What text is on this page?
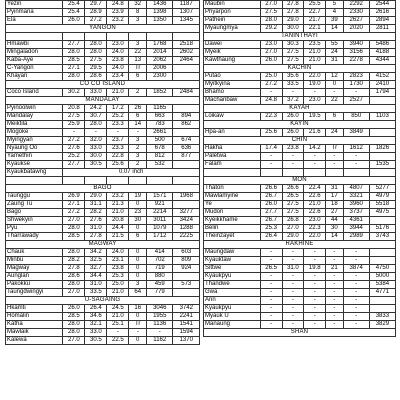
Yezin	25.4	29.7	24.8	32	1436	1187
Pyinmana	25.4	28.9	23.9	8	1398	1307
Ela	26.0	27.2	23.2	3	1350	1345
YANGON						

Hmawbi	27.7	28.0	23.0	3	1768	2518
Mingaladon	28.0	28.0	24.0	22	2014	2602
Kaba-Aye	28.5	27.5	23.8	13	2062	2464
C-Yangon	27.1	29.5	24.0	Tr	2006	
Khayan	28.0	28.6	23.4	6	2300	
CO CO ISLAND						
Coco Island	30.2	33.0	21.0	2	1852	2484
MANDALAY						
Pyinoolwin	20.8	24.2	17.2	26	1165	
Mandalay	27.5	30.7	25.2	6	663	894
Meiktila	25.9	28.0	23.3	14	783	862
Mogoke	-	-	-	-	2661	
Myingyan	27.2	32.0	23.7	3	500	674
Nyaung Oo	27.6	33.0	23.3	2	678	636
Yamethin	25.2	30.0	22.8	3	812	877
Kyaukse	27.7	30.5	25.6	2	532	
Kyaukbatawng	0.07 inch					

BAGO						
Taunggu	26.9	29.0	23.2	19	1571	1968
Zaung Tu	27.1	31.1	21.3	0	921	
Bago	27.2	28.2	21.0	23	2214	3277
Shwekyin	27.0	27.6	20.8	30	3011	3424
Pyu	28.0	31.0	24.4	0	1079	1288
Tharrawady	28.5	27.8	21.5	6	1712	2225
MAGWAY						
Chauk	28.0	34.2	24.0	0	414	603
Minbu	28.2	32.5	23.1	0	702	809
Magway	27.8	32.7	23.8	0	719	924
Aunglan	28.6	34.4	25.3	0	880	
Pakokku	28.0	31.0	25.0	3	459	573
Taungdwingyi	27.0	33.5	21.0	64	779	
U-SAGAING						
Hkamti	26.0	26.4	24.5	16	3046	3742
Homalin	28.5	34.6	21.0	0	1955	2241
Katha	28.0	32.1	25.1	Tr	1136	1541
Mawlaik	28.0	33.0	-	-	-	1594
Kalewa	27.0	30.5	22.5	0	1162	1370
Maubin	27.0	27.8	25.5	5	2292	2544
Phyarpon	27.5	27.8	22.7	4	2330	2616
Pathein	28.0	29.0	21.7	39	2627	2894
Myaungmya	29.2	30.0	22.1	14	2020	2811
TANINTHAYI						
Dawei	23.0	30.3	23.5	55	3940	5486
Myeik	27.0	27.5	21.0	24	3156	4188
Kawthaung	26.0	27.5	21.0	31	2278	4344
KACHIN						
Putao	25.0	35.6	22.0	12	2823	4152
Myitkyina	27.2	33.5	19.0	0	1730	2410
Bhamo	-	-	-	-	-	1794
Machanbaw	24.8	37.2	23.0	22	2527	
KAYAH						
Loikaw	22.3	26.0	19.5	6	850	1103
KAYIN						
Hpa-an	25.6	26.0	21.6	24	3849	
CHIN						
Hakha	17.4	23.8	14.2	Tr	1612	1826
Paletwa	-	-	-	-	-	
Falam	-	-	-	-	-	1535

MON						
Thaton	26.6	26.6	22.4	31	4807	5277
Mawlamyine	26.7	26.5	22.6	17	3321	4979
Ye	26.0	27.5	21.0	18	3960	5518
Mudon	27.7	27.5	22.6	27	3737	4975
Kyeikkhame	26.7	26.8	23.0	44	4361	
Belin	25.3	27.0	22.3	30	3944	5176
Theinzayet	26.4	29.0	22.0	14	2989	3743
RAKHINE						
Maungdaw	-	-	-	-	-	
Kyauktaw	-	-	-	-	-	
Sittwe	26.5	31.0	19.8	21	3874	4750
Kyaukpyu	-	-	-	-	-	5000
Thandwe	-	-	-	-	-	5384
Gwa	-	-	-	-	-	4771
Ann	-	-	-	-	-	
Kyaukpyu	-	-	-	-	-	
Myauk U	-	-	-	-	-	3833
Manaung	-	-	-	-	-	3829
SHAN						
